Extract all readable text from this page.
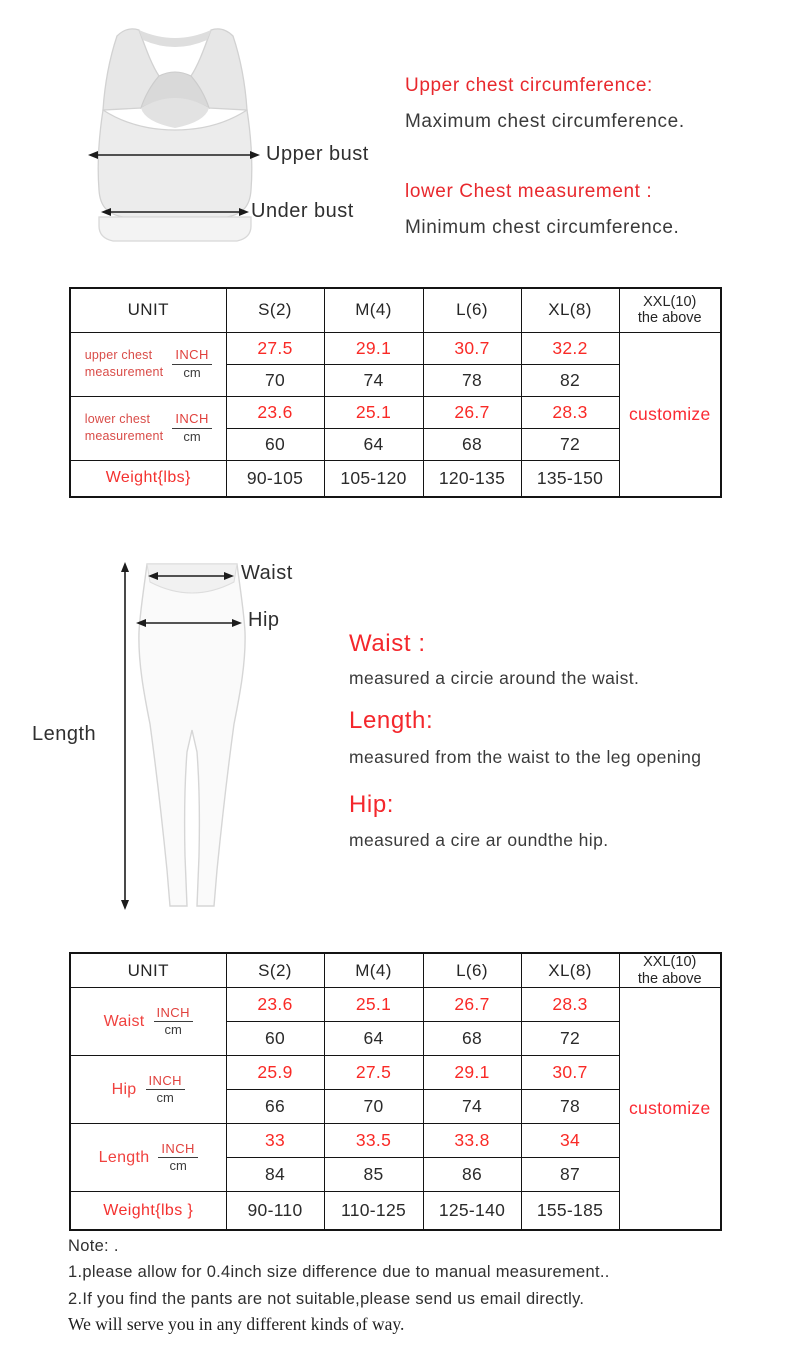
Upper bust
Under bust
Upper chest circumference:
Maximum chest circumference.
lower Chest measurement :
Minimum chest circumference.
UNIT	S(2)	M(4)	L(6)	XL(8)	XXL(10)
the above

upper chest
measurement $\frac{\text{INCH}}{cm}$	27.5	29.1	30.7	32.2	customize
	70	74	78	82	

lower chest
measurement $\frac{\text{INCH}}{cm}$	23.6	25.1	26.7	28.3	
	60	64	68	72	
Weight{lbs}	90-105	105-120	120-135	135-150	
Waist
Hip
Length
Waist :
measured a circie around the waist.
Length:
measured from the waist to the leg opening
Hip:
measured a cire ar oundthe hip.
UNIT	S(2)	M(4)	L(6)	XL(8)	XXL(10)
the above

Waist $\frac{\text{INCH}}{cm}$	23.6	25.1	26.7	28.3	customize
	60	64	68	72	

Hip $\frac{\text{INCH}}{cm}$	25.9	27.5	29.1	30.7	
	66	70	74	78	

Length $\frac{\text{INCH}}{cm}$	33	33.5	33.8	34	
	84	85	86	87	
Weight{lbs }	90-110	110-125	125-140	155-185	
Note: .
1.please allow for 0.4inch size difference due to manual measurement..
2.If you find the pants are not suitable,please send us email directly.
We will serve you in any different kinds of way.
